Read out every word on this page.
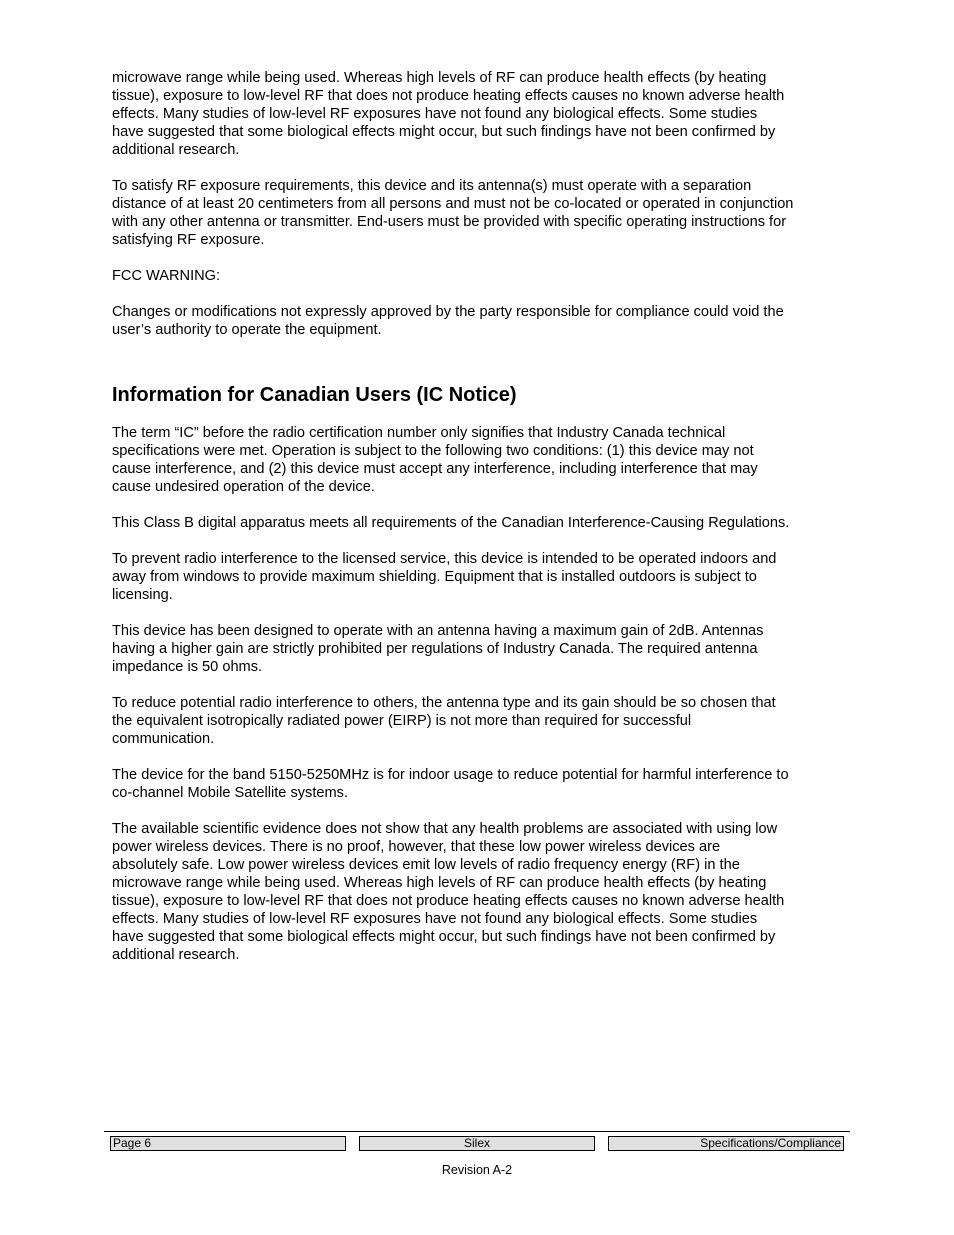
microwave range while being used. Whereas high levels of RF can produce health effects (by heating
tissue), exposure to low-level RF that does not produce heating effects causes no known adverse health
effects. Many studies of low-level RF exposures have not found any biological effects. Some studies
have suggested that some biological effects might occur, but such findings have not been confirmed by
additional research.

To satisfy RF exposure requirements, this device and its antenna(s) must operate with a separation
distance of at least 20 centimeters from all persons and must not be co-located or operated in conjunction
with any other antenna or transmitter. End-users must be provided with specific operating instructions for
satisfying RF exposure.

FCC WARNING:

Changes or modifications not expressly approved by the party responsible for compliance could void the
user’s authority to operate the equipment.

Information for Canadian Users (IC Notice)

The term “IC” before the radio certification number only signifies that Industry Canada technical
specifications were met. Operation is subject to the following two conditions: (1) this device may not
cause interference, and (2) this device must accept any interference, including interference that may
cause undesired operation of the device.

This Class B digital apparatus meets all requirements of the Canadian Interference-Causing Regulations.

To prevent radio interference to the licensed service, this device is intended to be operated indoors and
away from windows to provide maximum shielding. Equipment that is installed outdoors is subject to
licensing.

This device has been designed to operate with an antenna having a maximum gain of 2dB. Antennas
having a higher gain are strictly prohibited per regulations of Industry Canada. The required antenna
impedance is 50 ohms.

To reduce potential radio interference to others, the antenna type and its gain should be so chosen that
the equivalent isotropically radiated power (EIRP) is not more than required for successful
communication.

The device for the band 5150-5250MHz is for indoor usage to reduce potential for harmful interference to
co-channel Mobile Satellite systems.

The available scientific evidence does not show that any health problems are associated with using low
power wireless devices. There is no proof, however, that these low power wireless devices are
absolutely safe. Low power wireless devices emit low levels of radio frequency energy (RF) in the
microwave range while being used. Whereas high levels of RF can produce health effects (by heating
tissue), exposure to low-level RF that does not produce heating effects causes no known adverse health
effects. Many studies of low-level RF exposures have not found any biological effects. Some studies
have suggested that some biological effects might occur, but such findings have not been confirmed by
additional research.

Page 6	Silex	Specifications/Compliance
Revision A-2
